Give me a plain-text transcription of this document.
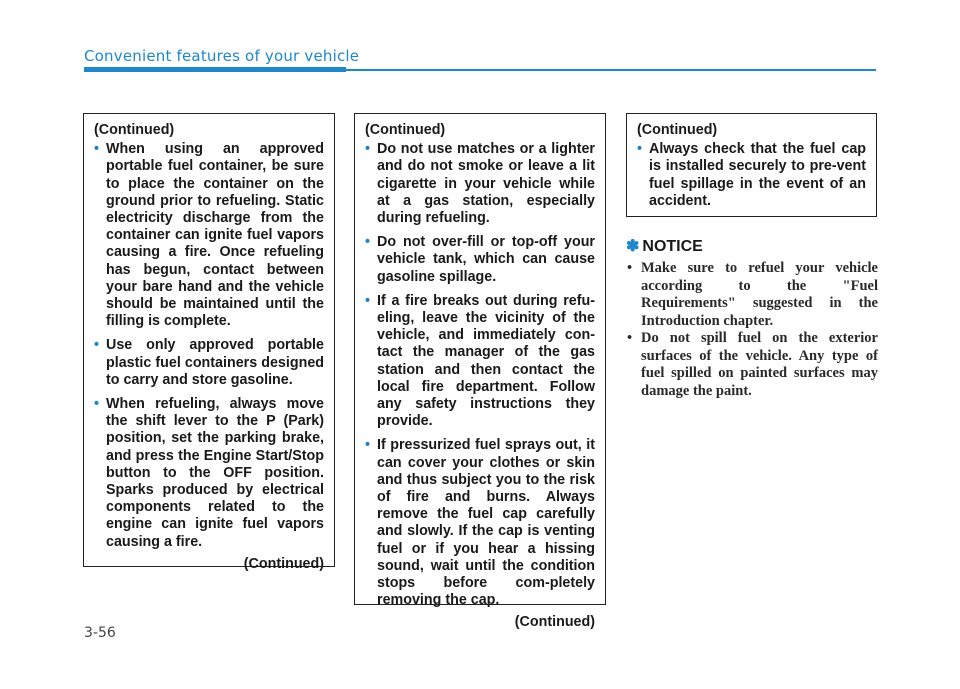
Convenient features of your vehicle
(Continued)
• When using an approved portable fuel container, be sure to place the container on the ground prior to refueling. Static electricity discharge from the container can ignite fuel vapors causing a fire. Once refueling has begun, contact between your bare hand and the vehicle should be maintained until the filling is complete.
• Use only approved portable plastic fuel containers designed to carry and store gasoline.
• When refueling, always move the shift lever to the P (Park) position, set the parking brake, and press the Engine Start/Stop button to the OFF position. Sparks produced by electrical components related to the engine can ignite fuel vapors causing a fire.
(Continued)
(Continued)
• Do not use matches or a lighter and do not smoke or leave a lit cigarette in your vehicle while at a gas station, especially during refueling.
• Do not over-fill or top-off your vehicle tank, which can cause gasoline spillage.
• If a fire breaks out during refu-eling, leave the vicinity of the vehicle, and immediately con-tact the manager of the gas station and then contact the local fire department. Follow any safety instructions they provide.
• If pressurized fuel sprays out, it can cover your clothes or skin and thus subject you to the risk of fire and burns. Always remove the fuel cap carefully and slowly. If the cap is venting fuel or if you hear a hissing sound, wait until the condition stops before com-pletely removing the cap.
(Continued)
(Continued)
• Always check that the fuel cap is installed securely to pre-vent fuel spillage in the event of an accident.
✽ NOTICE
• Make sure to refuel your vehicle according to the "Fuel Requirements" suggested in the Introduction chapter.
• Do not spill fuel on the exterior surfaces of the vehicle. Any type of fuel spilled on painted surfaces may damage the paint.
3-56
